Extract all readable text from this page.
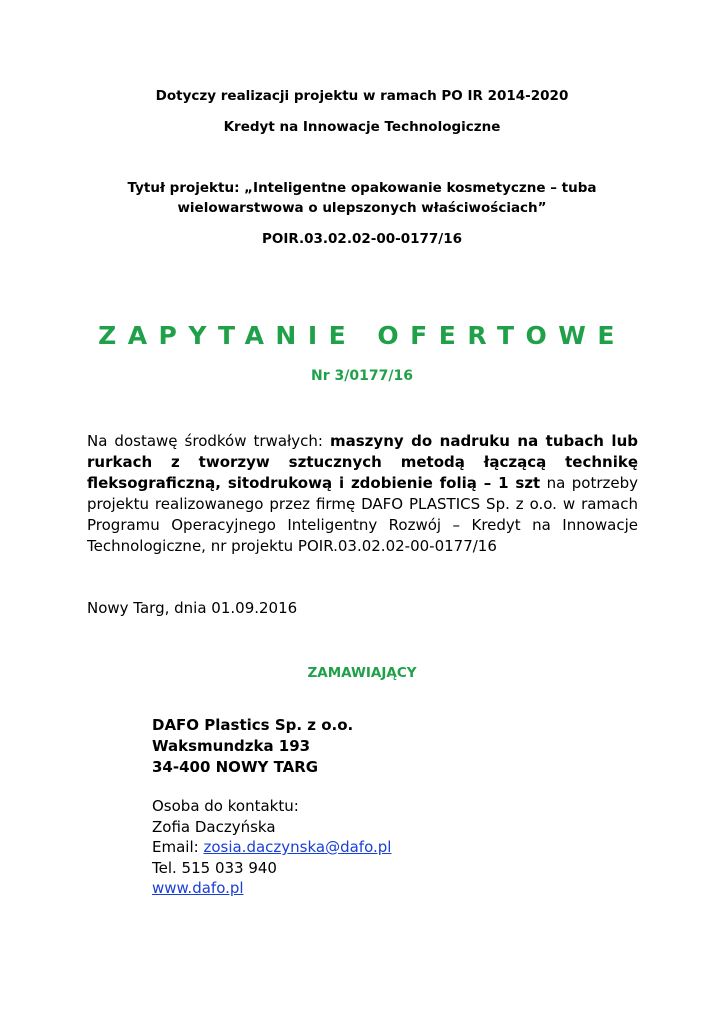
Dotyczy realizacji projektu w ramach PO IR 2014-2020
Kredyt na Innowacje Technologiczne
Tytuł projektu: „Inteligentne opakowanie kosmetyczne – tuba
wielowarstwowa o ulepszonych właściwościach”
POIR.03.02.02-00-0177/16
ZAPYTANIE OFERTOWE
Nr 3/0177/16
Na dostawę środków trwałych: maszyny do nadruku na tubach lub
rurkach z tworzyw sztucznych metodą łączącą technikę
fleksograficzną, sitodrukową i zdobienie folią – 1 szt na potrzeby
projektu realizowanego przez firmę DAFO PLASTICS Sp. z o.o. w ramach
Programu Operacyjnego Inteligentny Rozwój – Kredyt na Innowacje
Technologiczne, nr projektu POIR.03.02.02-00-0177/16
Nowy Targ, dnia 01.09.2016
ZAMAWIAJĄCY
DAFO Plastics Sp. z o.o.
Waksmundzka 193
34-400 NOWY TARG
Osoba do kontaktu:
Zofia Daczyńska
Email: zosia.daczynska@dafo.pl
Tel. 515 033 940
www.dafo.pl
